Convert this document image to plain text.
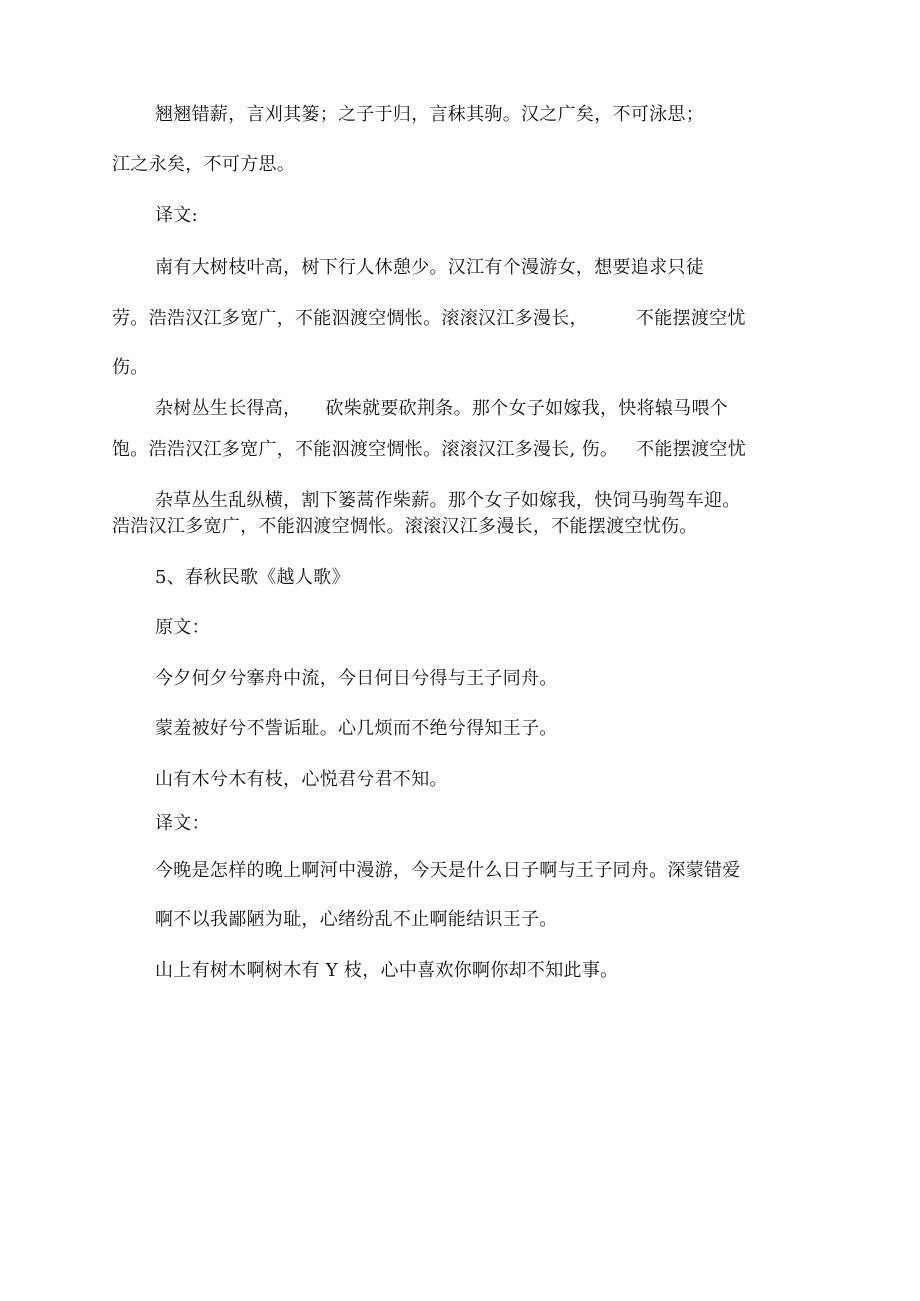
翘翘错薪，言刈其篓；之子于归，言秣其驹。汉之广矣，不可泳思；
江之永矣，不可方思。
译文:
南有大树枝叶高，树下行人休憩少。汉江有个漫游女，想要追求只徒
劳。浩浩汉江多宽广，不能泅渡空惆怅。滚滚汉江多漫长，        不能摆渡空忧
伤。
杂树丛生长得高，    砍柴就要砍荆条。那个女子如嫁我，快将辕马喂个
饱。浩浩汉江多宽广，不能泅渡空惆怅。滚滚汉江多漫长, 伤。   不能摆渡空忧
杂草丛生乱纵横，割下篓蒿作柴薪。那个女子如嫁我，快饲马驹驾车迎。
浩浩汉江多宽广，不能泅渡空惆怅。滚滚汉江多漫长，不能摆渡空忧伤。
5、春秋民歌《越人歌》
原文：
今夕何夕兮搴舟中流，今日何日兮得与王子同舟。
蒙羞被好兮不訾诟耻。心几烦而不绝兮得知王子。
山有木兮木有枝，心悦君兮君不知。
译文：
今晚是怎样的晚上啊河中漫游，今天是什么日子啊与王子同舟。深蒙错爱
啊不以我鄙陋为耻，心绪纷乱不止啊能结识王子。
山上有树木啊树木有 Y 枝，心中喜欢你啊你却不知此事。
